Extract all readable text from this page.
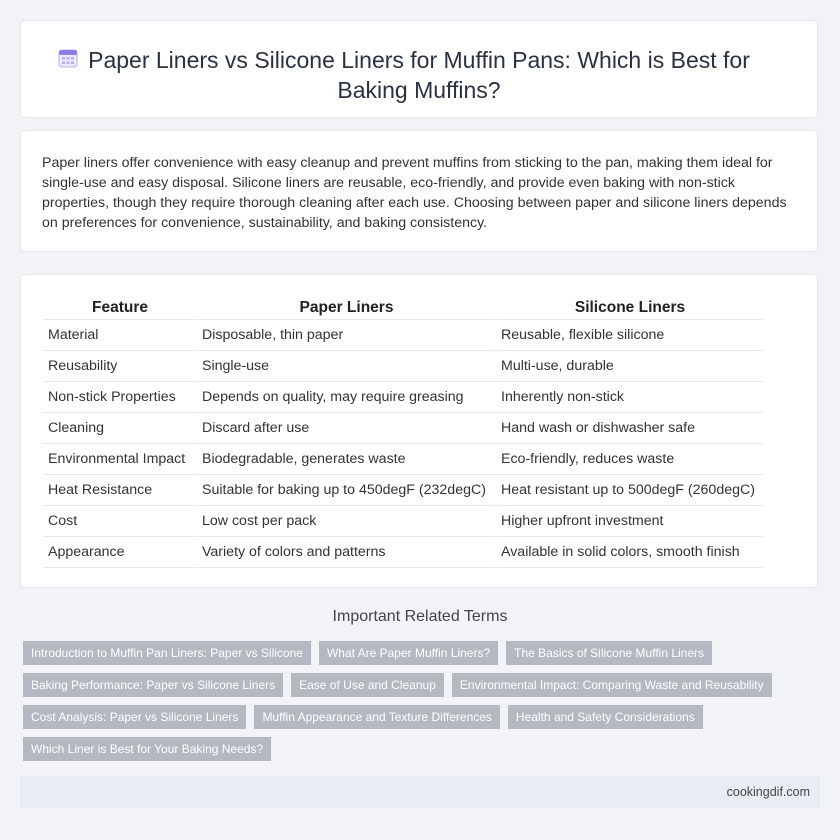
Paper Liners vs Silicone Liners for Muffin Pans: Which is Best for Baking Muffins?
Paper liners offer convenience with easy cleanup and prevent muffins from sticking to the pan, making them ideal for single-use and easy disposal. Silicone liners are reusable, eco-friendly, and provide even baking with non-stick properties, though they require thorough cleaning after each use. Choosing between paper and silicone liners depends on preferences for convenience, sustainability, and baking consistency.
Feature	Paper Liners	Silicone Liners
Material	Disposable, thin paper	Reusable, flexible silicone
Reusability	Single-use	Multi-use, durable
Non-stick Properties	Depends on quality, may require greasing	Inherently non-stick
Cleaning	Discard after use	Hand wash or dishwasher safe
Environmental Impact	Biodegradable, generates waste	Eco-friendly, reduces waste
Heat Resistance	Suitable for baking up to 450degF (232degC)	Heat resistant up to 500degF (260degC)
Cost	Low cost per pack	Higher upfront investment
Appearance	Variety of colors and patterns	Available in solid colors, smooth finish
Important Related Terms
Introduction to Muffin Pan Liners: Paper vs Silicone	What Are Paper Muffin Liners?	The Basics of Silicone Muffin Liners
Baking Performance: Paper vs Silicone Liners	Ease of Use and Cleanup	Environmental Impact: Comparing Waste and Reusability
Cost Analysis: Paper vs Silicone Liners	Muffin Appearance and Texture Differences	Health and Safety Considerations
Which Liner is Best for Your Baking Needs?
cookingdif.com
